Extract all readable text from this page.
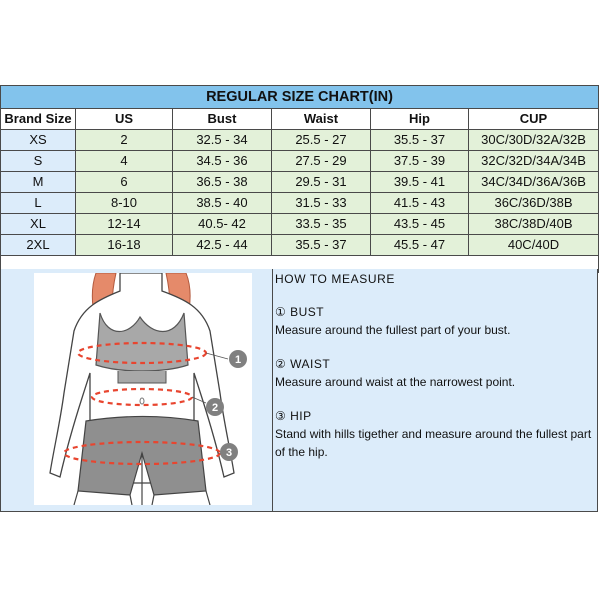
REGULAR SIZE CHART(IN)					
Brand Size	US	Bust	Waist	Hip	CUP
XS	2	32.5 - 34	25.5 - 27	35.5 - 37	30C/30D/32A/32B
S	4	34.5 - 36	27.5 - 29	37.5 - 39	32C/32D/34A/34B
M	6	36.5 - 38	29.5 - 31	39.5 - 41	34C/34D/36A/36B
L	8-10	38.5 - 40	31.5 - 33	41.5 - 43	36C/36D/38B
XL	12-14	40.5- 42	33.5 - 35	43.5 - 45	38C/38D/40B
2XL	16-18	42.5 - 44	35.5 - 37	45.5 - 47	40C/40D

1
2
3
HOW TO MEASURE
① BUST
Measure around the fullest part of your bust.
② WAIST
Measure around waist at the narrowest point.
③ HIP
Stand with hills tigether and measure around the fullest part of the hip.
